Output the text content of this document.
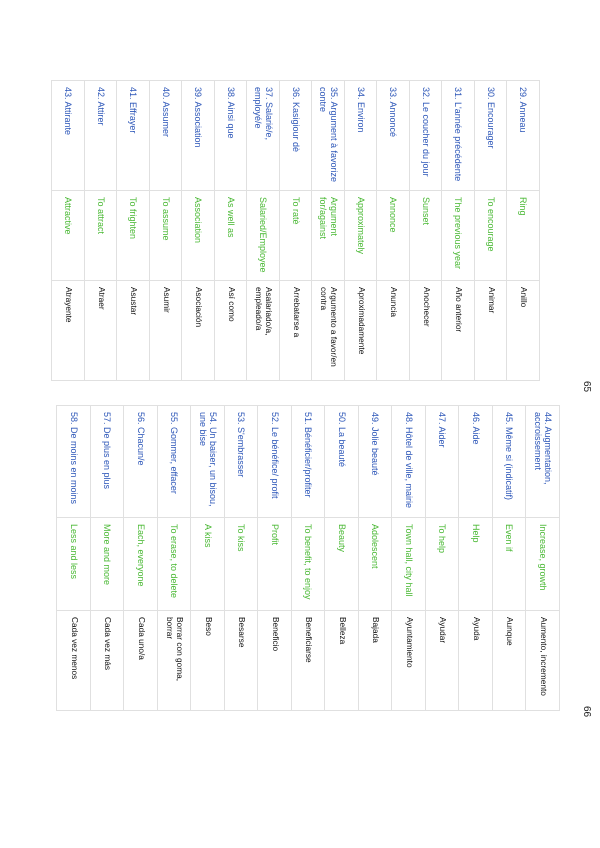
65
66
29. Anneau	Ring	Anillo
30. Encourager	To encourage	Animar
31. L'année précédente	The previous year	Año anterior
32. Le coucher du jour	Sunset	Anochecer
33. Annoncé	Annonce	Anuncia
34. Environ	Approximately	Aproximadamente
35. Argument à favorize contre	Argument for/against	Argumento a favor/en contra
36. Kasigiour dè	To ratè	Arrebatarse a
37. Salarié/e, employé/e	Salaried/Employee	Asalariado/a, empleado/a
38. Ainsi que	As well as	Así como
39. Association	Association	Asociación
40. Assumer	To assume	Asumir
41. Effrayer	To frighten	Asustar
42. Attirer	To attract	Atraer
43. Attirante	Attractive	Atrayente
44. Augmentation, accroissement	Increase, growth	Aumento, incremento
45. Même si (indicatif)	Even if	Aunque
46. Aide	Help	Ayuda
47. Aider	To help	Ayudar
48. Hôtel de ville, mairie	Town hall, city hall	Ayuntamiento
49. Jolie beauté	Adolescent	Bajada
50. La beauté	Beauty	Belleza
51. Bénéficier/profiter	To benefit, to enjoy	Beneficiarse
52. Le bénéfice/ profit	Profit	Beneficio
53. S'embrasser	To kiss	Besarse
54. Un baiser, un bisou, une bise	A kiss	Beso
55. Gommer, effacer	To erase, to delete	Borrar con goma, borrar
56. Chacun/e	Each, everyone	Cada uno/a
57. De plus en plus	More and more	Cada vez más
58. De moins en moins	Less and less	Cada vez menos
